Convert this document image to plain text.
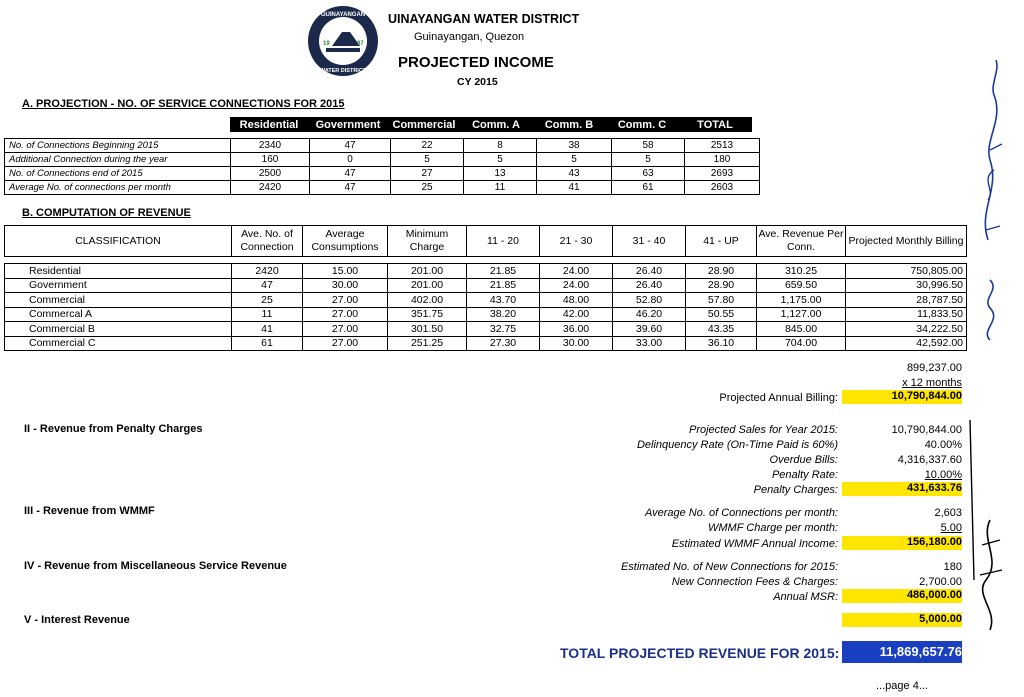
GUINAYANGAN
WATER DISTRICT
19	97
UINAYANGAN WATER DISTRICT
Guinayangan, Quezon
PROJECTED INCOME
CY 2015
A. PROJECTION - NO. OF SERVICE CONNECTIONS FOR 2015
Residential	Government	Commercial	Comm. A	Comm. B	Comm. C	TOTAL
No. of Connections Beginning 2015	2340	47	22	8	38	58	2513
Additional Connection during the year	160	0	5	5	5	5	180
No. of Connections end of 2015	2500	47	27	13	43	63	2693
Average No. of connections per month	2420	47	25	11	41	61	2603
B. COMPUTATION OF REVENUE
CLASSIFICATION	Ave. No. of Connection	Average Consumptions	Minimum Charge	11 - 20	21 - 30	31 - 40	41 - UP	Ave. Revenue Per Conn.	Projected Monthly Billing
Residential	2420	15.00	201.00	21.85	24.00	26.40	28.90	310.25	750,805.00
Government	47	30.00	201.00	21.85	24.00	26.40	28.90	659.50	30,996.50
Commercial	25	27.00	402.00	43.70	48.00	52.80	57.80	1,175.00	28,787.50
Commercal A	11	27.00	351.75	38.20	42.00	46.20	50.55	1,127.00	11,833.50
Commercial B	41	27.00	301.50	32.75	36.00	39.60	43.35	845.00	34,222.50
Commercial C	61	27.00	251.25	27.30	30.00	33.00	36.10	704.00	42,592.00
899,237.00
x 12 months
Projected Annual Billing:	10,790,844.00
II - Revenue from Penalty Charges	Projected Sales for Year 2015:	10,790,844.00
Delinquency Rate (On-Time Paid is 60%)	40.00%
Overdue Bills:	4,316,337.60
Penalty Rate:	10.00%
Penalty Charges:	431,633.76
III - Revenue from WMMF	Average No. of Connections per month:	2,603
WMMF Charge per month:	5.00
Estimated WMMF Annual Income:	156,180.00
IV - Revenue from Miscellaneous Service Revenue	Estimated No. of New Connections for 2015:	180
New Connection Fees & Charges:	2,700.00
Annual MSR:	486,000.00
V - Interest Revenue	5,000.00
TOTAL PROJECTED REVENUE FOR 2015:	11,869,657.76
...page 4...
